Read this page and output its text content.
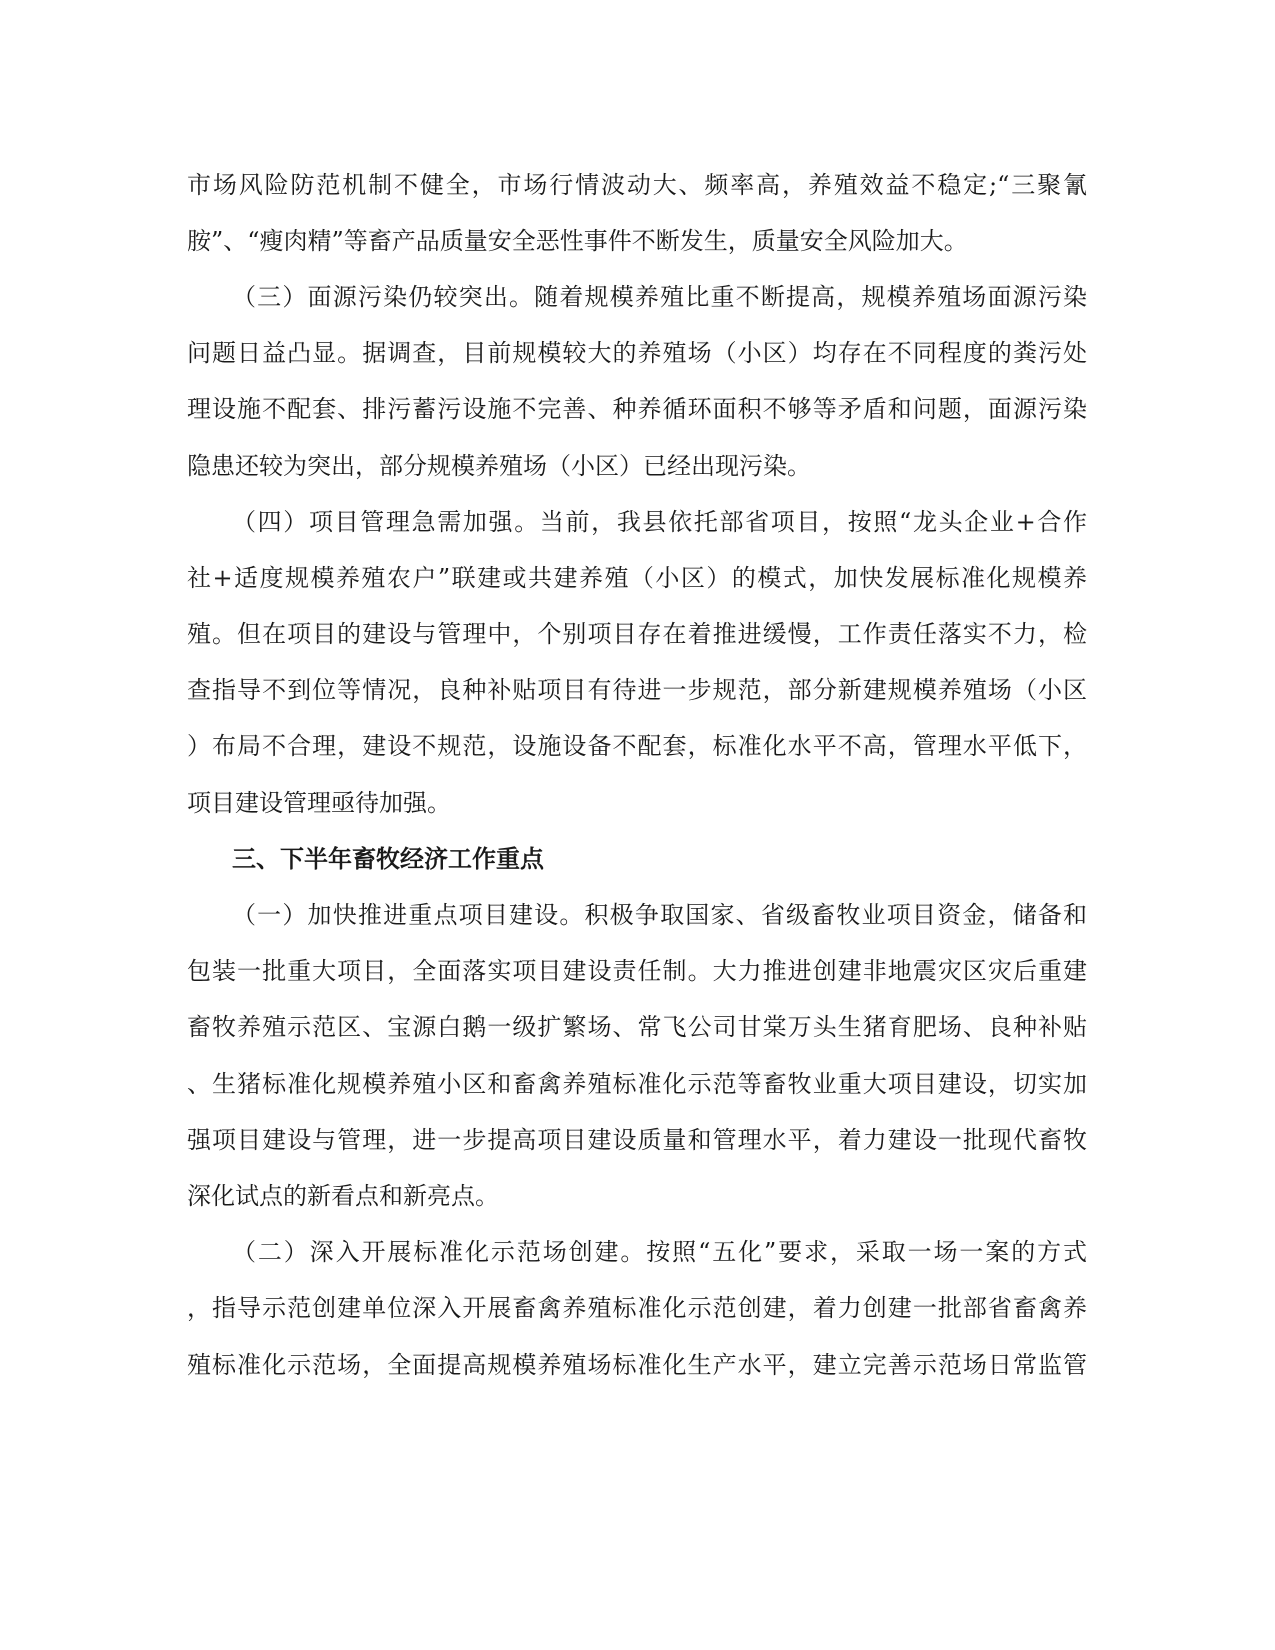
市场风险防范机制不健全，市场行情波动大、频率高，养殖效益不稳定;“三聚氰
胺”、“瘦肉精”等畜产品质量安全恶性事件不断发生，质量安全风险加大。
（三）面源污染仍较突出。随着规模养殖比重不断提高，规模养殖场面源污染
问题日益凸显。据调查，目前规模较大的养殖场（小区）均存在不同程度的粪污处
理设施不配套、排污蓄污设施不完善、种养循环面积不够等矛盾和问题，面源污染
隐患还较为突出，部分规模养殖场（小区）已经出现污染。
（四）项目管理急需加强。当前，我县依托部省项目，按照“龙头企业+合作
社+适度规模养殖农户”联建或共建养殖（小区）的模式，加快发展标准化规模养
殖。但在项目的建设与管理中，个别项目存在着推进缓慢，工作责任落实不力，检
查指导不到位等情况，良种补贴项目有待进一步规范，部分新建规模养殖场（小区
）布局不合理，建设不规范，设施设备不配套，标准化水平不高，管理水平低下，
项目建设管理亟待加强。
三、下半年畜牧经济工作重点
（一）加快推进重点项目建设。积极争取国家、省级畜牧业项目资金，储备和
包装一批重大项目，全面落实项目建设责任制。大力推进创建非地震灾区灾后重建
畜牧养殖示范区、宝源白鹅一级扩繁场、常飞公司甘棠万头生猪育肥场、良种补贴
、生猪标准化规模养殖小区和畜禽养殖标准化示范等畜牧业重大项目建设，切实加
强项目建设与管理，进一步提高项目建设质量和管理水平，着力建设一批现代畜牧
深化试点的新看点和新亮点。
（二）深入开展标准化示范场创建。按照“五化”要求，采取一场一案的方式
，指导示范创建单位深入开展畜禽养殖标准化示范创建，着力创建一批部省畜禽养
殖标准化示范场，全面提高规模养殖场标准化生产水平，建立完善示范场日常监管
